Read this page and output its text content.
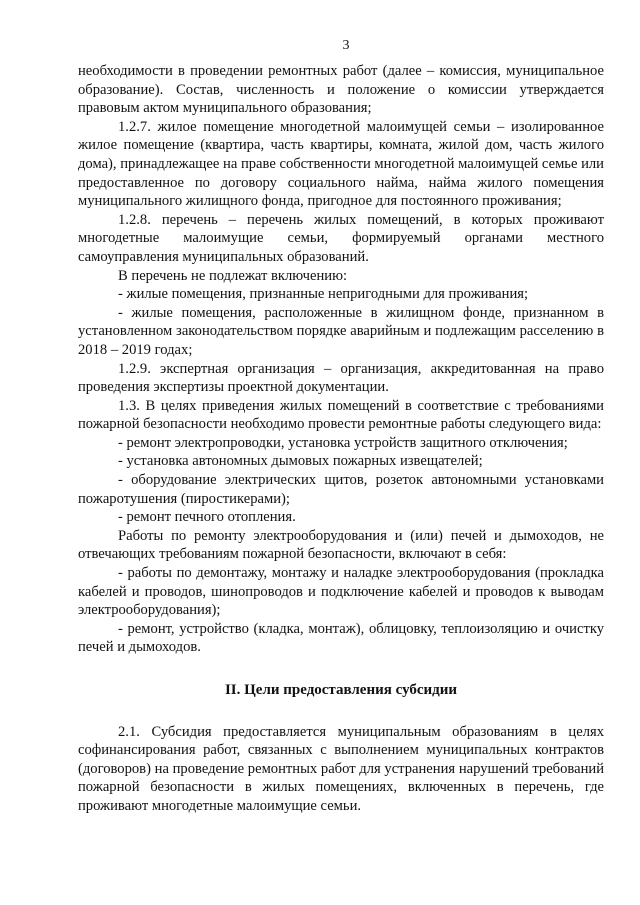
3

необходимости в проведении ремонтных работ (далее – комиссия, муниципальное образование). Состав, численность и положение о комиссии утверждается правовым актом муниципального образования;

1.2.7. жилое помещение многодетной малоимущей семьи – изолированное жилое помещение (квартира, часть квартиры, комната, жилой дом, часть жилого дома), принадлежащее на праве собственности многодетной малоимущей семье или предоставленное по договору социального найма, найма жилого помещения муниципального жилищного фонда, пригодное для постоянного проживания;

1.2.8. перечень – перечень жилых помещений, в которых проживают многодетные малоимущие семьи, формируемый органами местного самоуправления муниципальных образований.

В перечень не подлежат включению:

- жилые помещения, признанные непригодными для проживания;

- жилые помещения, расположенные в жилищном фонде, признанном в установленном законодательством порядке аварийным и подлежащим расселению в 2018 – 2019 годах;

1.2.9. экспертная организация – организация, аккредитованная на право проведения экспертизы проектной документации.

1.3. В целях приведения жилых помещений в соответствие с требованиями пожарной безопасности необходимо провести ремонтные работы следующего вида:

- ремонт электропроводки, установка устройств защитного отключения;

- установка автономных дымовых пожарных извещателей;

- оборудование электрических щитов, розеток автономными установками пожаротушения (пиростикерами);

- ремонт печного отопления.

Работы по ремонту электрооборудования и (или) печей и дымоходов, не отвечающих требованиям пожарной безопасности, включают в себя:

- работы по демонтажу, монтажу и наладке электрооборудования (прокладка кабелей и проводов, шинопроводов и подключение кабелей и проводов к выводам электрооборудования);

- ремонт, устройство (кладка, монтаж), облицовку, теплоизоляцию и очистку печей и дымоходов.

II. Цели предоставления субсидии

2.1. Субсидия предоставляется муниципальным образованиям в целях софинансирования работ, связанных с выполнением муниципальных контрактов (договоров) на проведение ремонтных работ для устранения нарушений требований пожарной безопасности в жилых помещениях, включенных в перечень, где проживают многодетные малоимущие семьи.
